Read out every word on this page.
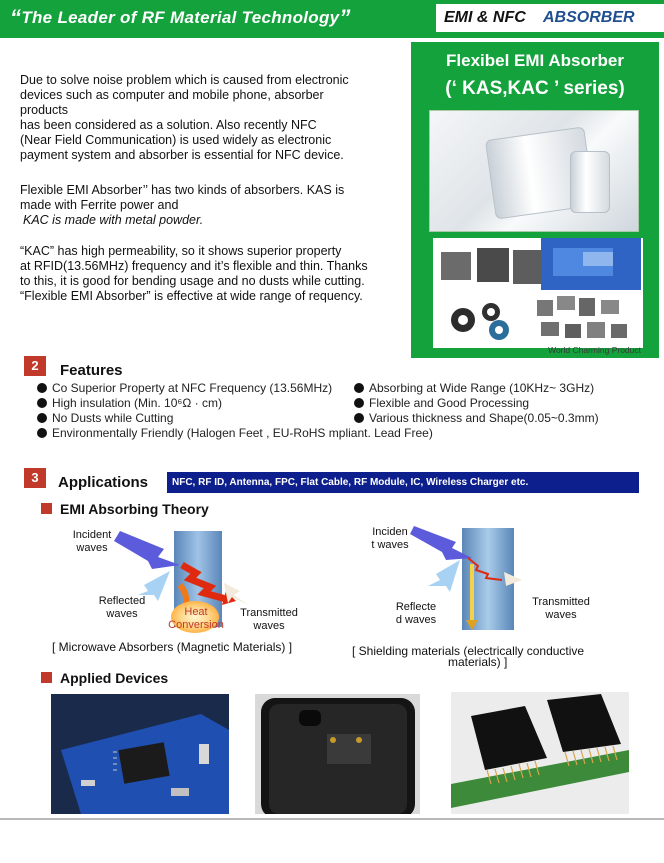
“The Leader of RF Material Technology”	EMI & NFC ABSORBER

Due to solve noise problem which is caused from electronic

devices such as computer and mobile phone, absorber

products

has been considered as a solution. Also recently NFC

(Near Field Communication) is used widely as electronic

payment system and absorber is essential for NFC device.

Flexible EMI Absorber’’ has two kinds of absorbers. KAS is

made with Ferrite power and

KAC is made with metal powder.

“KAC” has high permeability, so it shows superior property

at RFID(13.56MHz) frequency and it’s flexible and thin. Thanks

to this, it is good for bending usage and no dusts while cutting.

“Flexible EMI Absorber” is effective at wide range of requency.

Flexibel EMI Absorber
(‘ KAS,KAC ’ series)
World Charming Product
2	Features
Co Superior Property at NFC Frequency (13.56MHz)
High insulation (Min. 10⁶Ω · cm)
No Dusts while Cutting
Environmentally Friendly (Halogen Feet , EU-RoHS mpliant. Lead Free)
Absorbing at Wide Range (10KHz~ 3GHz)
Flexible and Good Processing
Various thickness and Shape(0.05~0.3mm)
3	Applications	NFC, RF ID, Antenna, FPC, Flat Cable, RF Module, IC, Wireless Charger etc.
EMI Absorbing Theory
Incident
waves
Reflected
waves	Heat
Conversion
Transmitted
waves
[ Microwave Absorbers (Magnetic Materials) ]
Inciden
t waves
Reflecte
d waves
Transmitted
waves
[ Shielding materials (electrically conductive
materials) ]
Applied Devices
